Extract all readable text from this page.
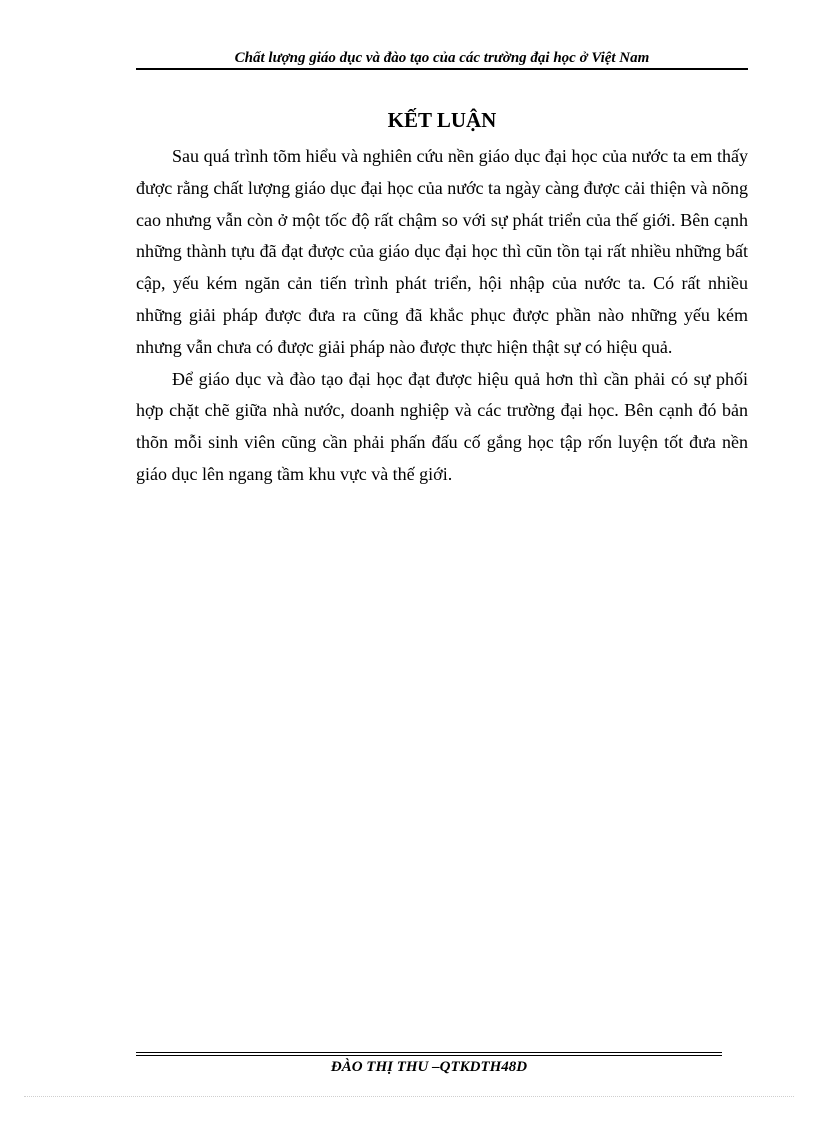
Chất lượng giáo dục và đào tạo của các trường đại học ở Việt Nam
KẾT LUẬN

Sau quá trình tõm hiểu và nghiên cứu nền giáo dục đại học của nước ta em thấy được rằng chất lượng giáo dục đại học của nước ta ngày càng được cải thiện và nõng cao nhưng vẫn còn ở một tốc độ rất chậm so với sự phát triển của thế giới. Bên cạnh những thành tựu đã đạt được của giáo dục đại học thì cũn tồn tại rất nhiều những bất cập, yếu kém ngăn cản tiến trình phát triển, hội nhập của nước ta. Có rất nhiều những giải pháp được đưa ra cũng đã khắc phục được phần nào những yếu kém nhưng vẫn chưa có được giải pháp nào được thực hiện thật sự có hiệu quả.

Để giáo dục và đào tạo đại học đạt được hiệu quả hơn thì cần phải có sự phối hợp chặt chẽ giữa nhà nước, doanh nghiệp và các trường đại học. Bên cạnh đó bản thõn mỗi sinh viên cũng cần phải phấn đấu cố gắng học tập rốn luyện tốt đưa nền giáo dục lên ngang tầm khu vực và thế giới.

ĐÀO THỊ THU –QTKDTH48D
